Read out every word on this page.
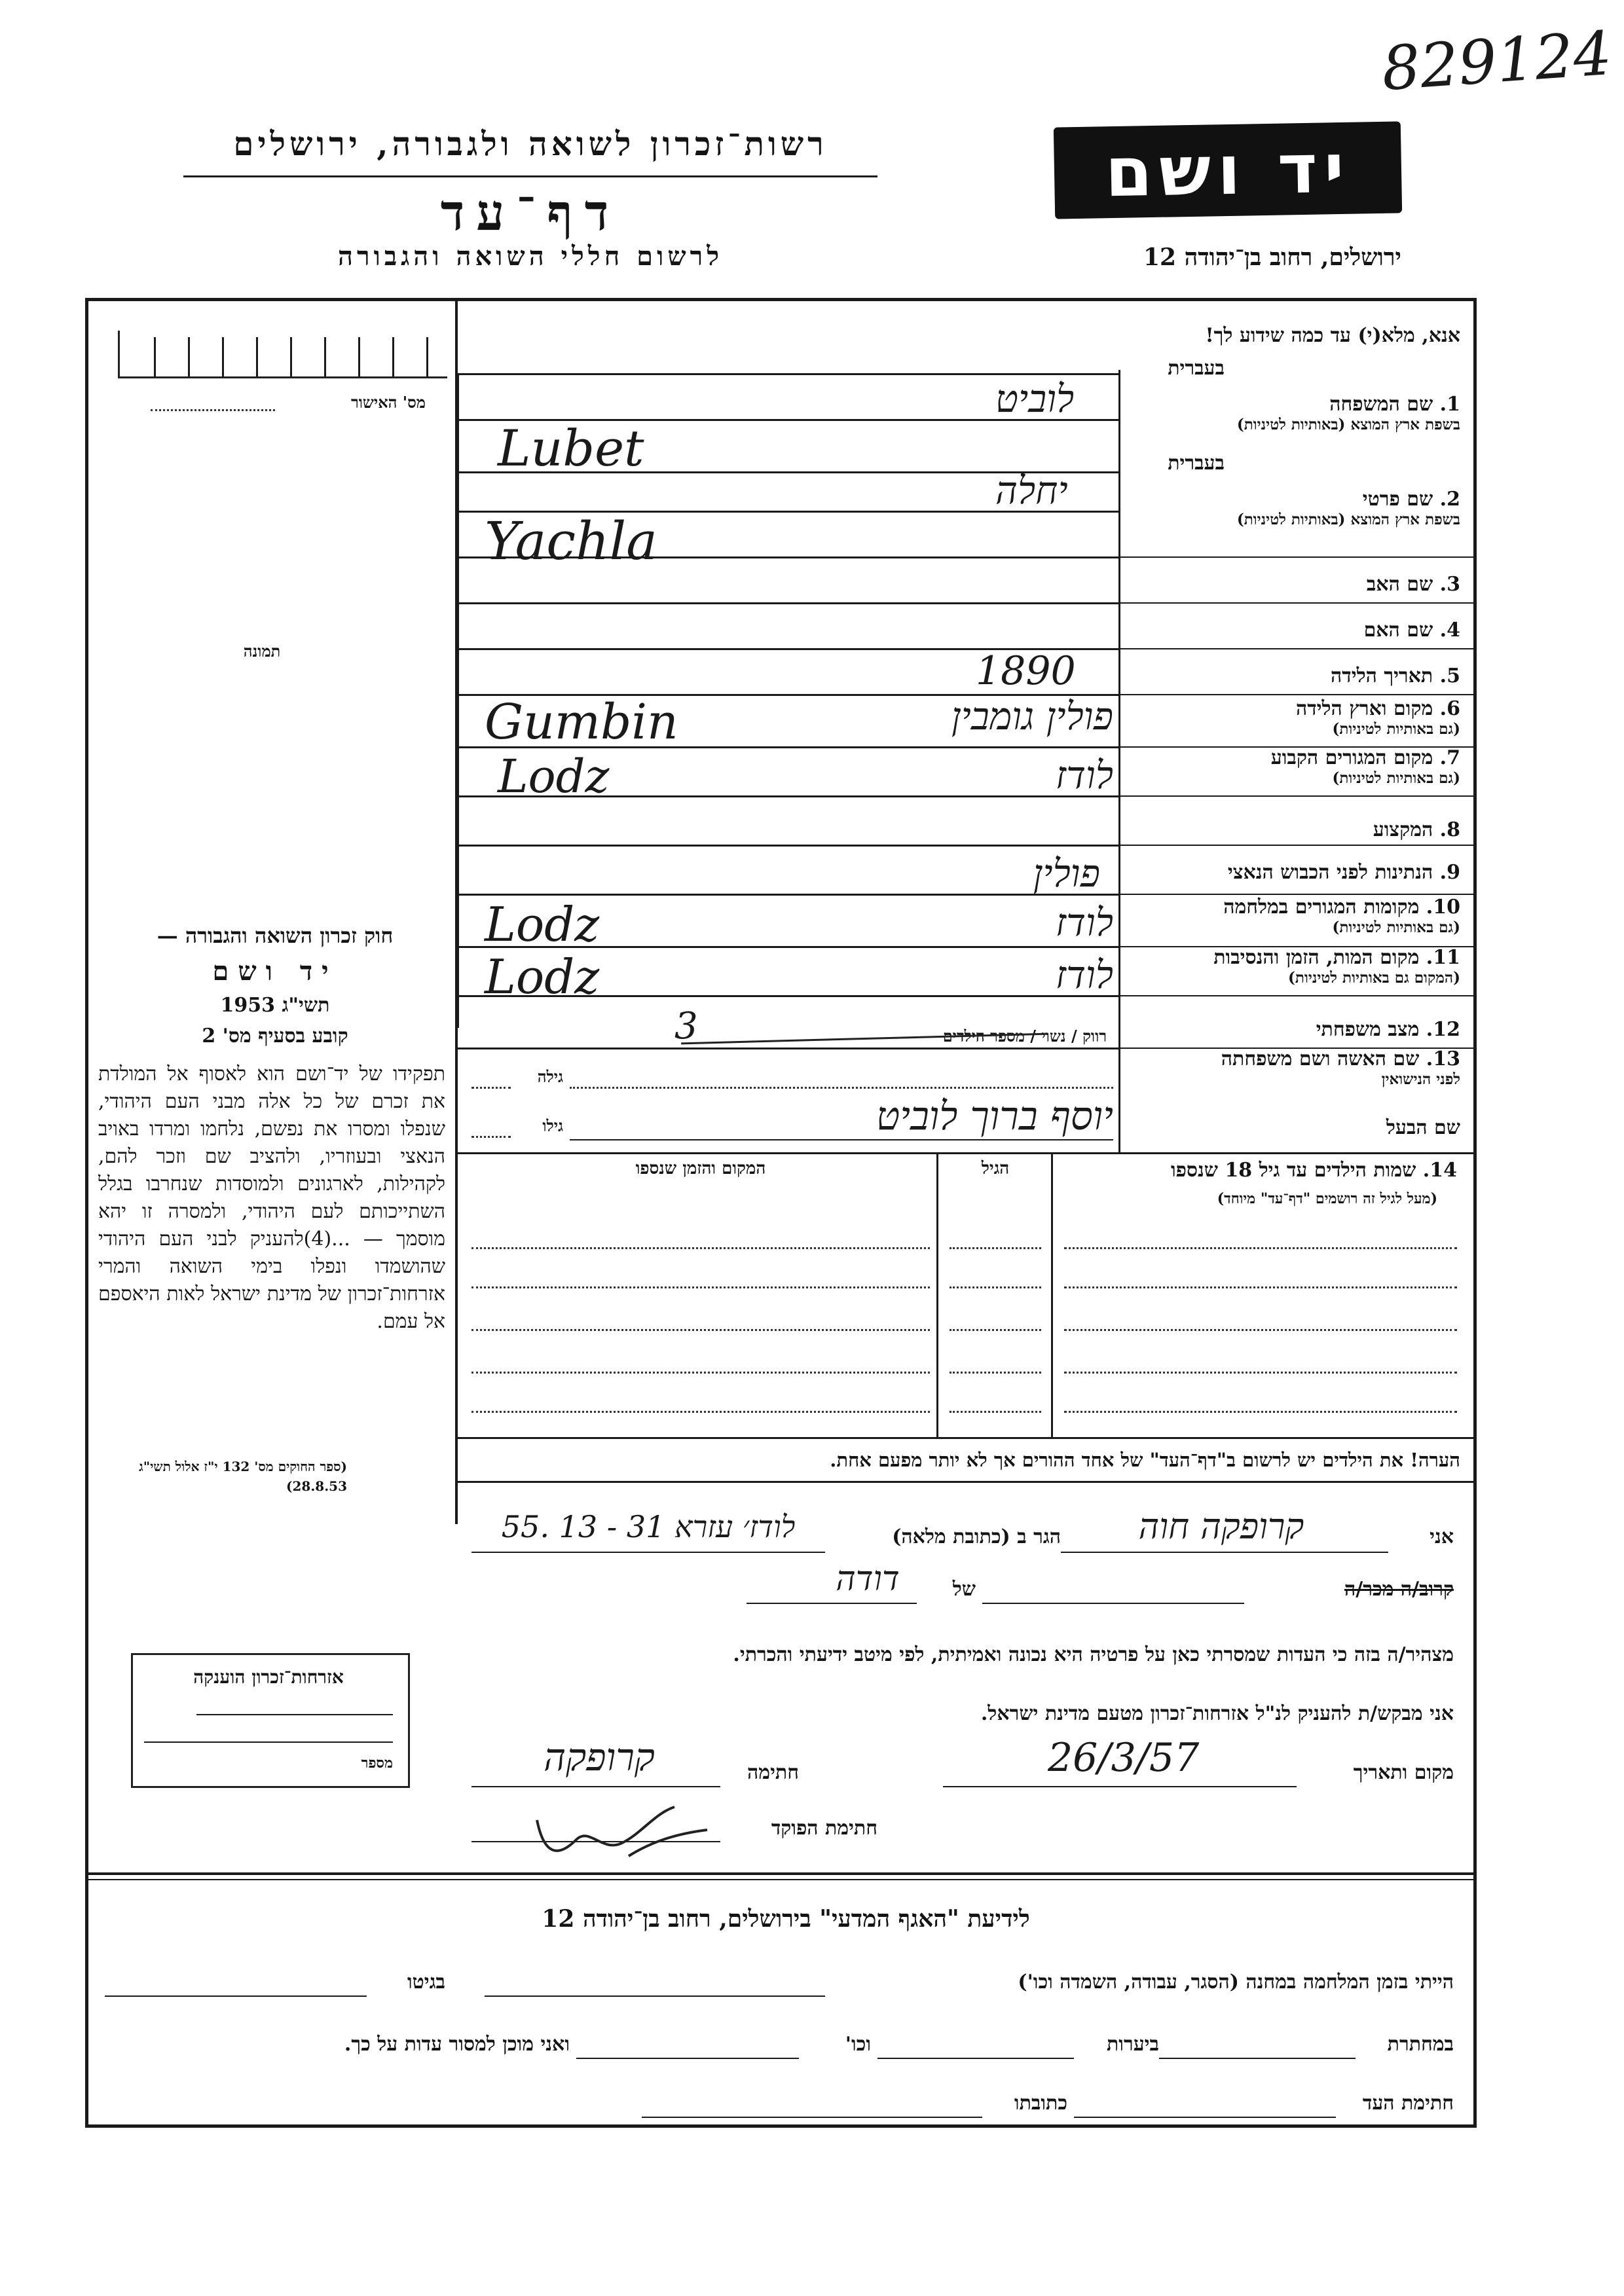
829124
רשות־זכרון לשואה ולגבורה, ירושלים
דף־עד
לרשום חללי השואה והגבורה
יד ושם
ירושלים, רחוב בן־יהודה 12
מס' האישור
תמונה
חוק זכרון השואה והגבורה —
יד ושם
תשי"ג 1953
קובע בסעיף מס' 2
תפקידו של יד־ושם הוא לאסוף אל המולדת את זכרם של כל אלה מבני העם היהודי, שנפלו ומסרו את נפשם, נלחמו ומרדו באויב הנאצי ובעוזריו, ולהציב שם וזכר להם, לקהילות, לארגונים ולמוסדות שנחרבו בגלל השתייכותם לעם היהודי, ולמסרה זו יהא מוסמך — ...(4)להעניק לבני העם היהודי שהושמדו ונפלו בימי השואה והמרי אזרחות־זכרון של מדינת ישראל לאות היאספם אל עמם.
(ספר החוקים מס' 132 י"ז אלול תשי"ג 28.8.53)
אזרחות־זכרון הוענקה
מספר
אנא, מלא(י) עד כמה שידוע לך!
1. שם המשפחה
בשפת ארץ המוצא (באותיות לטיניות)
בעברית
2. שם פרטי
בשפת ארץ המוצא (באותיות לטיניות)
בעברית
3. שם האב
4. שם האם
5. תאריך הלידה
6. מקום וארץ הלידה
(גם באותיות לטיניות)
7. מקום המגורים הקבוע
(גם באותיות לטיניות)
8. המקצוע
9. הנתינות לפני הכבוש הנאצי
10. מקומות המגורים במלחמה
(גם באותיות לטיניות)
11. מקום המות, הזמן והנסיבות
(המקום גם באותיות לטיניות)
12. מצב משפחתי
13. שם האשה ושם משפחתה
לפני הנישואין
שם הבעל
לוביט
Lubet
יחלה
Yachla
1890
פולין גומבין
Gumbin
לודז
Lodz
פולין
לודז
Lodz
לודז
Lodz
רווק / נשוי / מספר הילדים
3
גילה
גילו	יוסף ברוך לוביט
14. שמות הילדים עד גיל 18 שנספו
(מעל לגיל זה רושמים "דף־עד" מיוחד)
הגיל
המקום והזמן שנספו
הערה! את הילדים יש לרשום ב"דף־העד" של אחד ההורים אך לא יותר מפעם אחת.
אני
קרופקה חוה
הגר ב (כתובת מלאה)
לודז׳ עזרא 31 - 13 .55
קרוב/ה מכר/ה
של
דודה
מצהיר/ה בזה כי העדות שמסרתי כאן על פרטיה היא נכונה ואמיתית, לפי מיטב ידיעתי והכרתי.
אני מבקש/ת להעניק לנ"ל אזרחות־זכרון מטעם מדינת ישראל.
מקום ותאריך
26/3/57
חתימה
קרופקה
חתימת הפוקד
לידיעת "האגף המדעי" בירושלים, רחוב בן־יהודה 12
הייתי בזמן המלחמה במחנה (הסגר, עבודה, השמדה וכו')
בגיטו
במחתרת
ביערות
וכו'
ואני מוכן למסור עדות על כך.
חתימת העד
כתובתו
